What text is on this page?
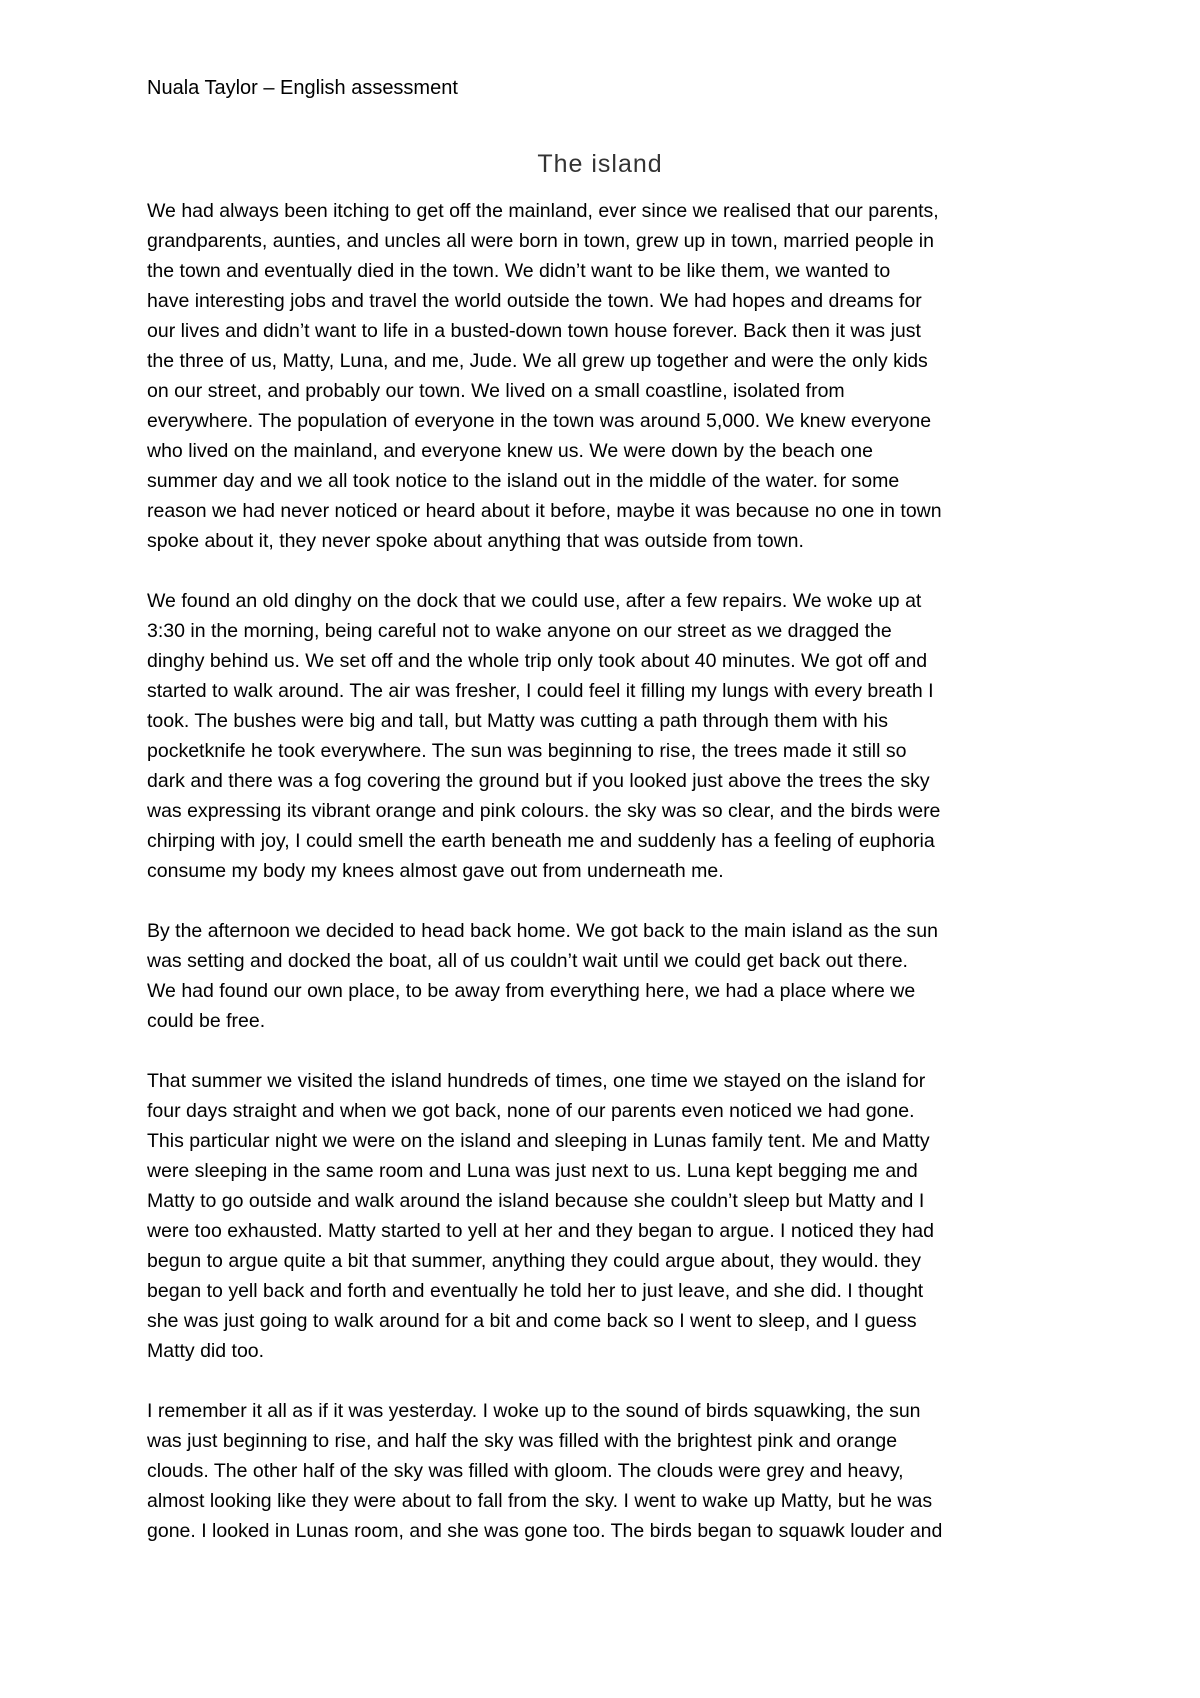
Nuala Taylor – English assessment
The island
We had always been itching to get off the mainland, ever since we realised that our parents,
grandparents, aunties, and uncles all were born in town, grew up in town, married people in
the town and eventually died in the town. We didn’t want to be like them, we wanted to
have interesting jobs and travel the world outside the town. We had hopes and dreams for
our lives and didn’t want to life in a busted-down town house forever. Back then it was just
the three of us, Matty, Luna, and me, Jude. We all grew up together and were the only kids
on our street, and probably our town. We lived on a small coastline, isolated from
everywhere. The population of everyone in the town was around 5,000. We knew everyone
who lived on the mainland, and everyone knew us. We were down by the beach one
summer day and we all took notice to the island out in the middle of the water. for some
reason we had never noticed or heard about it before, maybe it was because no one in town
spoke about it, they never spoke about anything that was outside from town.
We found an old dinghy on the dock that we could use, after a few repairs. We woke up at
3:30 in the morning, being careful not to wake anyone on our street as we dragged the
dinghy behind us. We set off and the whole trip only took about 40 minutes. We got off and
started to walk around. The air was fresher, I could feel it filling my lungs with every breath I
took. The bushes were big and tall, but Matty was cutting a path through them with his
pocketknife he took everywhere. The sun was beginning to rise, the trees made it still so
dark and there was a fog covering the ground but if you looked just above the trees the sky
was expressing its vibrant orange and pink colours. the sky was so clear, and the birds were
chirping with joy, I could smell the earth beneath me and suddenly has a feeling of euphoria
consume my body my knees almost gave out from underneath me.
By the afternoon we decided to head back home. We got back to the main island as the sun
was setting and docked the boat, all of us couldn’t wait until we could get back out there.
We had found our own place, to be away from everything here, we had a place where we
could be free.
That summer we visited the island hundreds of times, one time we stayed on the island for
four days straight and when we got back, none of our parents even noticed we had gone.
This particular night we were on the island and sleeping in Lunas family tent. Me and Matty
were sleeping in the same room and Luna was just next to us. Luna kept begging me and
Matty to go outside and walk around the island because she couldn’t sleep but Matty and I
were too exhausted. Matty started to yell at her and they began to argue. I noticed they had
begun to argue quite a bit that summer, anything they could argue about, they would. they
began to yell back and forth and eventually he told her to just leave, and she did. I thought
she was just going to walk around for a bit and come back so I went to sleep, and I guess
Matty did too.
I remember it all as if it was yesterday. I woke up to the sound of birds squawking, the sun
was just beginning to rise, and half the sky was filled with the brightest pink and orange
clouds. The other half of the sky was filled with gloom. The clouds were grey and heavy,
almost looking like they were about to fall from the sky. I went to wake up Matty, but he was
gone. I looked in Lunas room, and she was gone too. The birds began to squawk louder and
